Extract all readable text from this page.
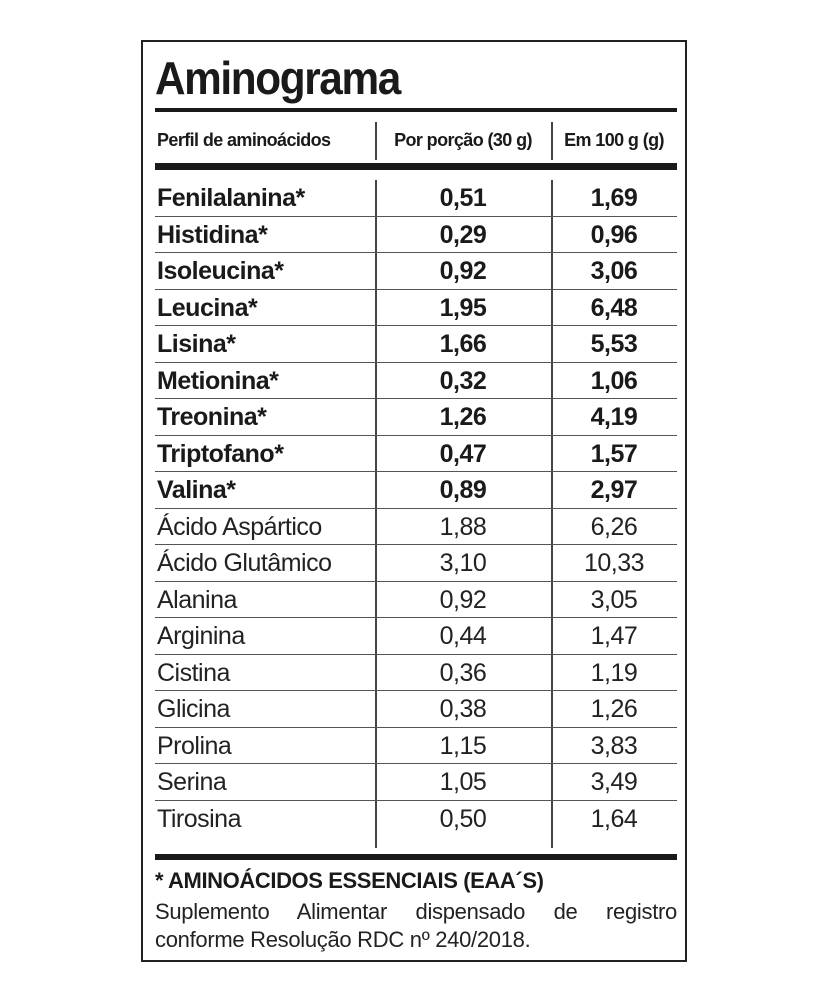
Aminograma
Perfil de aminoácidos	Por porção (30 g)	Em 100 g (g)
Fenilalanina*	0,51	1,69
Histidina*	0,29	0,96
Isoleucina*	0,92	3,06
Leucina*	1,95	6,48
Lisina*	1,66	5,53
Metionina*	0,32	1,06
Treonina*	1,26	4,19
Triptofano*	0,47	1,57
Valina*	0,89	2,97
Ácido Aspártico	1,88	6,26
Ácido Glutâmico	3,10	10,33
Alanina	0,92	3,05
Arginina	0,44	1,47
Cistina	0,36	1,19
Glicina	0,38	1,26
Prolina	1,15	3,83
Serina	1,05	3,49
Tirosina	0,50	1,64
* AMINOÁCIDOS ESSENCIAIS (EAA´S)

Suplemento Alimentar dispensado de registro conforme Resolução RDC nº 240/2018.
